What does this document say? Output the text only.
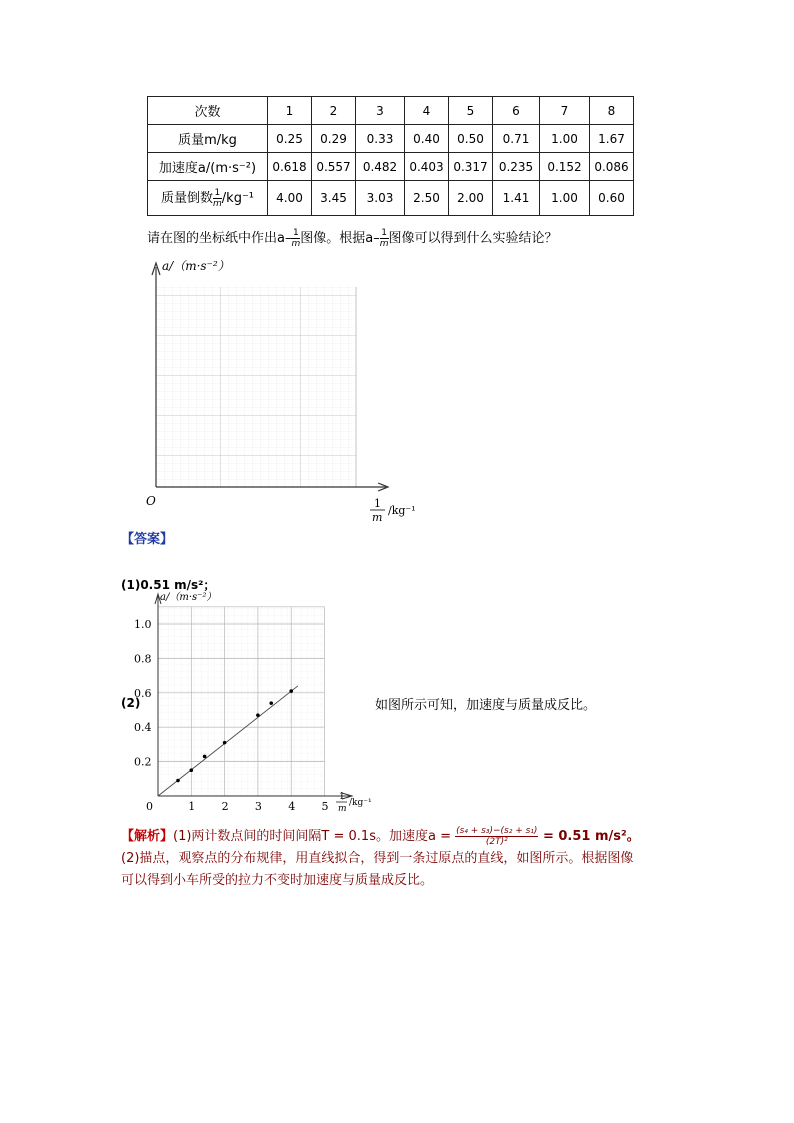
次数	1	2	3	4	5	6	7	8
质量m/kg	0.25	0.29	0.33	0.40	0.50	0.71	1.00	1.67
加速度a/(m·s⁻²)	0.618	0.557	0.482	0.403	0.317	0.235	0.152	0.086
质量倒数 $\frac{1}{m} /kg^{-1}$	4.00	3.45	3.03	2.50	2.00	1.41	1.00	0.60
请在图的坐标纸中作出$a- \frac{1}{m}$ 图像。根据$a- \frac{1}{m}$ 图像可以得到什么实验结论？
a/（m·s⁻²）
O	1
m
/kg⁻¹
【答案】
(1)0.51 m/s²；
(2)
0	1 2 3 4 5
0.2
0.4
0.6
0.8
1.0
a/（m·s⁻²）
1
m
/kg⁻¹
如图所示可知，加速度与质量成反比。
【解析】(1)两计数点间的时间间隔T = 0.1s。加速度$a = \frac{\text{(s₄ + s₃)−(s₂ + s₁)}}{\text{(2T)²}} = 0.51$ m/s²。
(2)描点，观察点的分布规律，用直线拟合，得到一条过原点的直线，如图所示。根据图像
可以得到小车所受的拉力不变时加速度与质量成反比。
